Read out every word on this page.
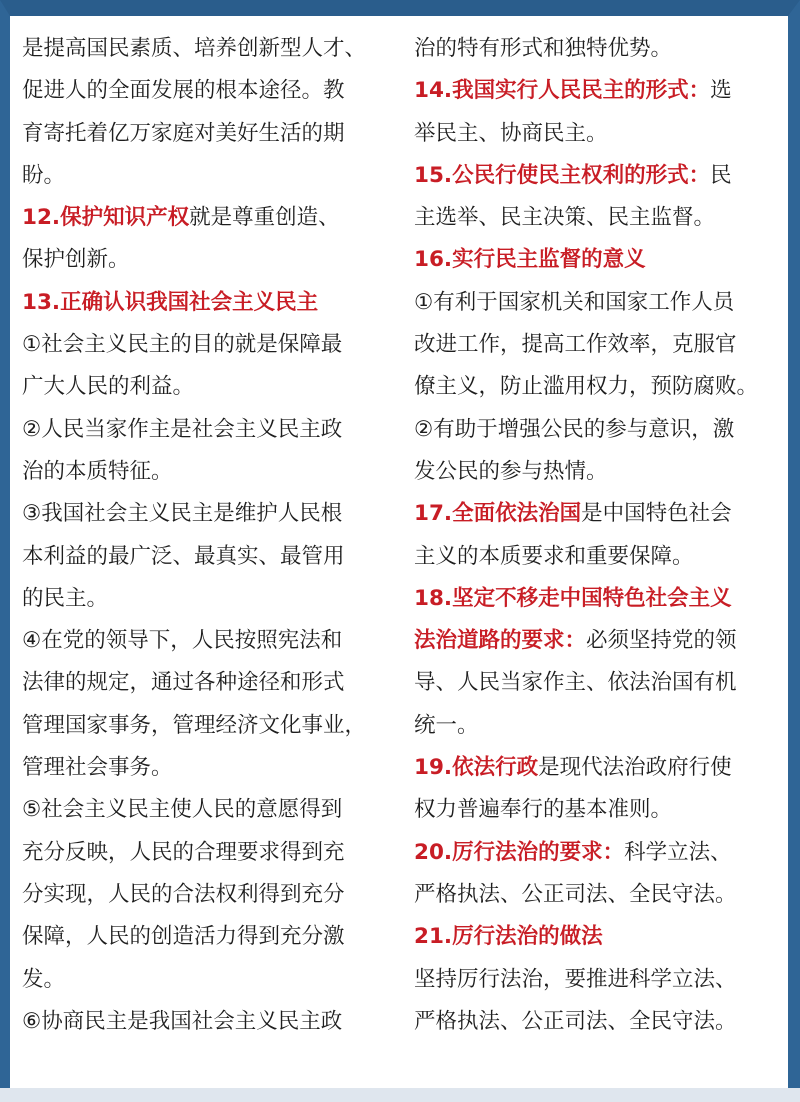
是提高国民素质、培养创新型人才、
促进人的全面发展的根本途径。教
育寄托着亿万家庭对美好生活的期
盼。
12.保护知识产权就是尊重创造、
保护创新。
13.正确认识我国社会主义民主
①社会主义民主的目的就是保障最
广大人民的利益。
②人民当家作主是社会主义民主政
治的本质特征。
③我国社会主义民主是维护人民根
本利益的最广泛、最真实、最管用
的民主。
④在党的领导下，人民按照宪法和
法律的规定，通过各种途径和形式
管理国家事务，管理经济文化事业，
管理社会事务。
⑤社会主义民主使人民的意愿得到
充分反映，人民的合理要求得到充
分实现，人民的合法权利得到充分
保障，人民的创造活力得到充分激
发。
⑥协商民主是我国社会主义民主政
治的特有形式和独特优势。
14.我国实行人民民主的形式：选
举民主、协商民主。
15.公民行使民主权利的形式：民
主选举、民主决策、民主监督。
16.实行民主监督的意义
①有利于国家机关和国家工作人员
改进工作，提高工作效率，克服官
僚主义，防止滥用权力，预防腐败。
②有助于增强公民的参与意识，激
发公民的参与热情。
17.全面依法治国是中国特色社会
主义的本质要求和重要保障。
18.坚定不移走中国特色社会主义
法治道路的要求：必须坚持党的领
导、人民当家作主、依法治国有机
统一。
19.依法行政是现代法治政府行使
权力普遍奉行的基本准则。
20.厉行法治的要求：科学立法、
严格执法、公正司法、全民守法。
21.厉行法治的做法
坚持厉行法治，要推进科学立法、
严格执法、公正司法、全民守法。
